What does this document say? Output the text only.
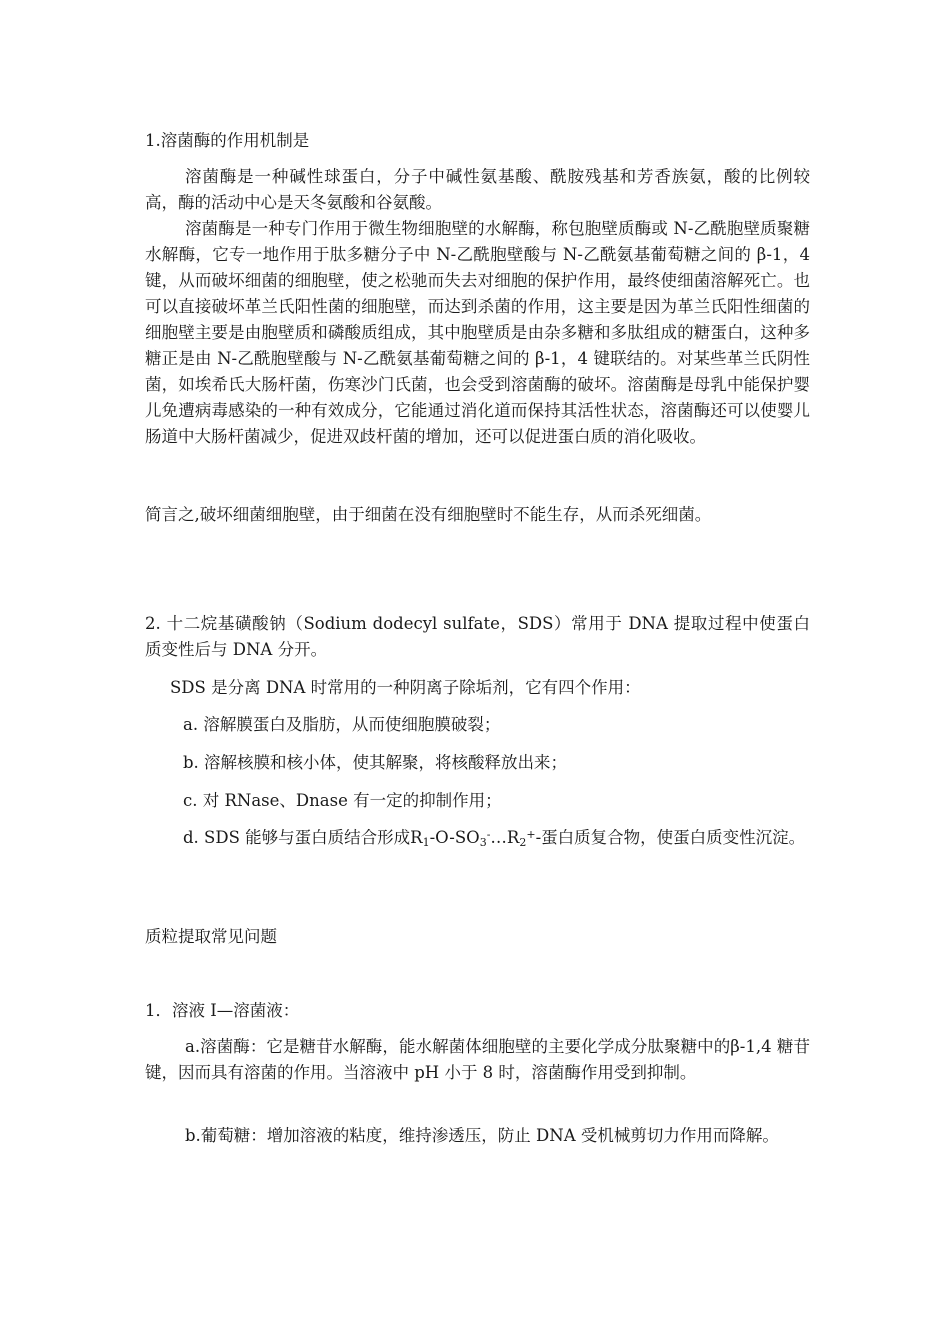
1.溶菌酶的作用机制是

溶菌酶是一种碱性球蛋白，分子中碱性氨基酸、酰胺残基和芳香族氨，酸的比例较高，酶的活动中心是天冬氨酸和谷氨酸。

溶菌酶是一种专门作用于微生物细胞壁的水解酶，称包胞壁质酶或 N-乙酰胞壁质聚糖水解酶，它专一地作用于肽多糖分子中 N-乙酰胞壁酸与 N-乙酰氨基葡萄糖之间的 β-1，4 键，从而破坏细菌的细胞壁，使之松驰而失去对细胞的保护作用，最终使细菌溶解死亡。也可以直接破坏革兰氏阳性菌的细胞壁，而达到杀菌的作用，这主要是因为革兰氏阳性细菌的细胞壁主要是由胞壁质和磷酸质组成，其中胞壁质是由杂多糖和多肽组成的糖蛋白，这种多糖正是由 N-乙酰胞壁酸与 N-乙酰氨基葡萄糖之间的 β-1，4 键联结的。对某些革兰氏阴性菌，如埃希氏大肠杆菌，伤寒沙门氏菌，也会受到溶菌酶的破坏。溶菌酶是母乳中能保护婴儿免遭病毒感染的一种有效成分，它能通过消化道而保持其活性状态，溶菌酶还可以使婴儿肠道中大肠杆菌减少，促进双歧杆菌的增加，还可以促进蛋白质的消化吸收。

简言之,破坏细菌细胞壁，由于细菌在没有细胞壁时不能生存，从而杀死细菌。

2. 十二烷基磺酸钠（Sodium dodecyl sulfate，SDS）常用于 DNA 提取过程中使蛋白质变性后与 DNA 分开。

SDS 是分离 DNA 时常用的一种阴离子除垢剂，它有四个作用：

a. 溶解膜蛋白及脂肪，从而使细胞膜破裂；

b. 溶解核膜和核小体，使其解聚，将核酸释放出来；

c. 对 RNase、Dnase 有一定的抑制作用；

d. SDS 能够与蛋白质结合形成$R_1-O-SO_3^-\dots R_2^+-$蛋白质复合物，使蛋白质变性沉淀。

质粒提取常见问题

1．溶液 I—溶菌液：

a.溶菌酶：它是糖苷水解酶，能水解菌体细胞壁的主要化学成分肽聚糖中的β-1,4 糖苷键，因而具有溶菌的作用。当溶液中 pH 小于 8 时，溶菌酶作用受到抑制。

b.葡萄糖：增加溶液的粘度，维持渗透压，防止 DNA 受机械剪切力作用而降解。
